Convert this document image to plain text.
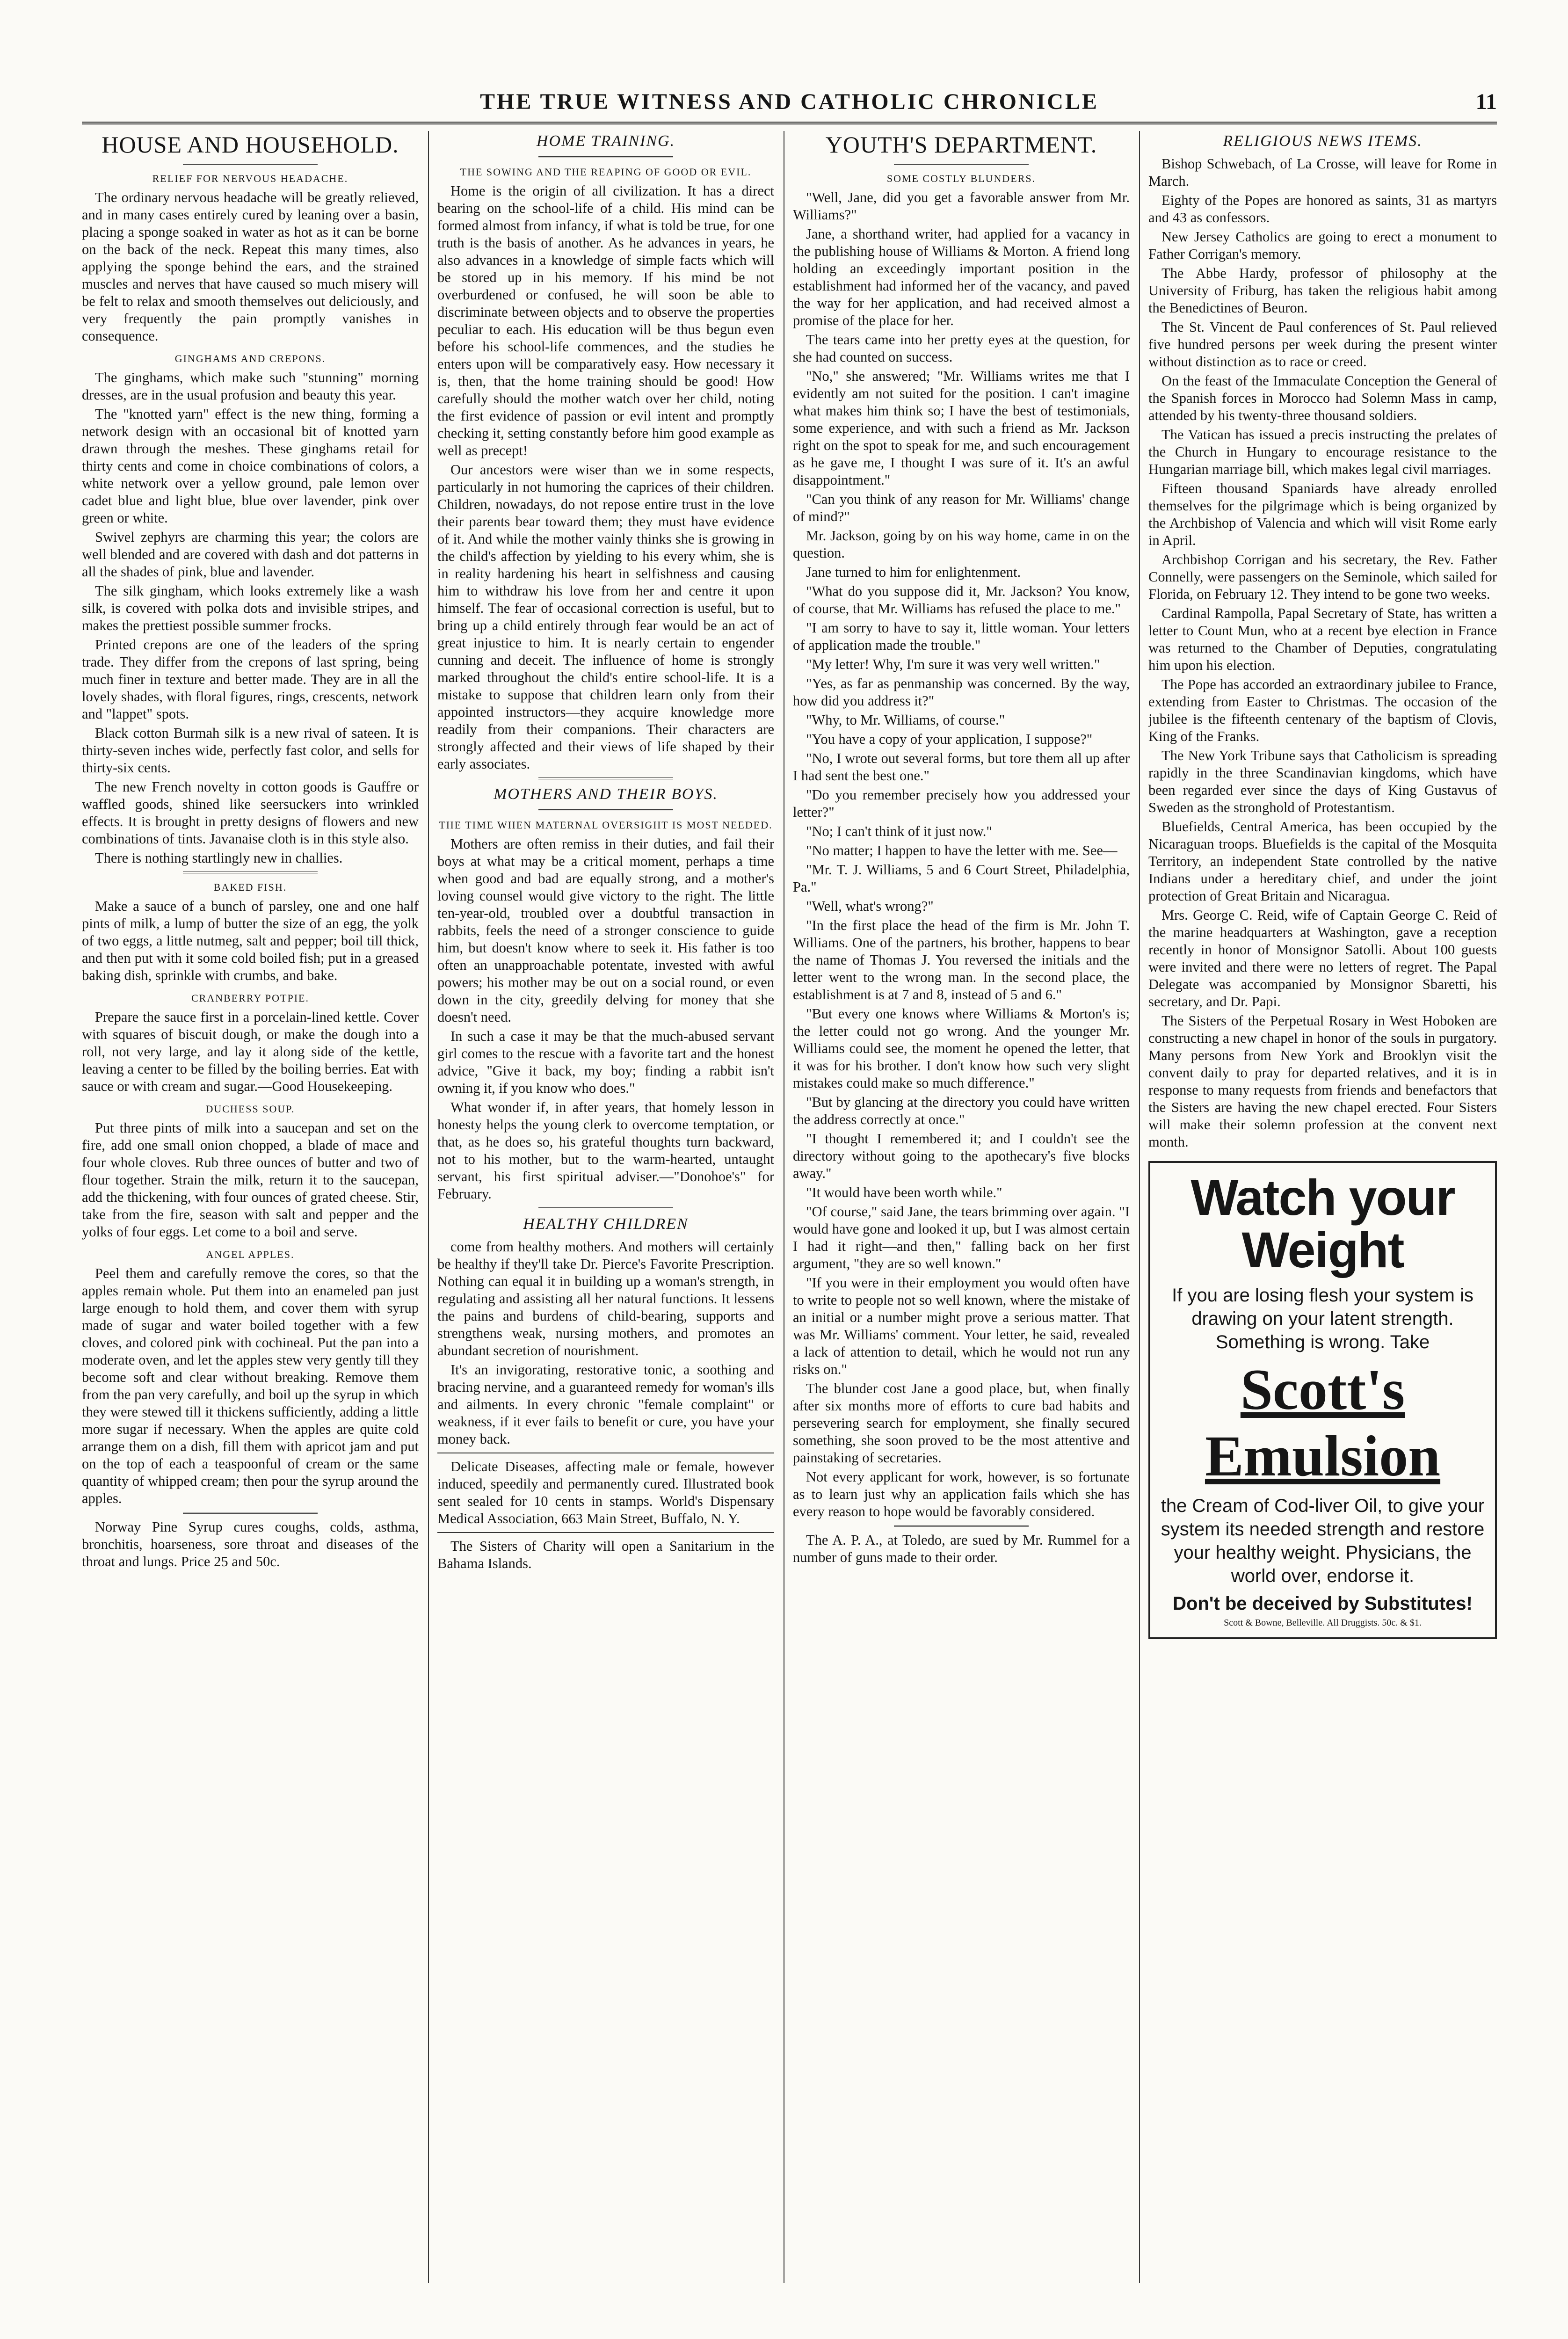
THE TRUE WITNESS AND CATHOLIC CHRONICLE	11
HOUSE AND HOUSEHOLD.
RELIEF FOR NERVOUS HEADACHE.

The ordinary nervous headache will be greatly relieved, and in many cases entirely cured by leaning over a basin, placing a sponge soaked in water as hot as it can be borne on the back of the neck. Repeat this many times, also applying the sponge behind the ears, and the strained muscles and nerves that have caused so much misery will be felt to relax and smooth themselves out deliciously, and very frequently the pain promptly vanishes in consequence.

GINGHAMS AND CREPONS.

The ginghams, which make such "stunning" morning dresses, are in the usual profusion and beauty this year.

The "knotted yarn" effect is the new thing, forming a network design with an occasional bit of knotted yarn drawn through the meshes. These ginghams retail for thirty cents and come in choice combinations of colors, a white network over a yellow ground, pale lemon over cadet blue and light blue, blue over lavender, pink over green or white.

Swivel zephyrs are charming this year; the colors are well blended and are covered with dash and dot patterns in all the shades of pink, blue and lavender.

The silk gingham, which looks extremely like a wash silk, is covered with polka dots and invisible stripes, and makes the prettiest possible summer frocks.

Printed crepons are one of the leaders of the spring trade. They differ from the crepons of last spring, being much finer in texture and better made. They are in all the lovely shades, with floral figures, rings, crescents, network and "lappet" spots.

Black cotton Burmah silk is a new rival of sateen. It is thirty-seven inches wide, perfectly fast color, and sells for thirty-six cents.

The new French novelty in cotton goods is Gauffre or waffled goods, shined like seersuckers into wrinkled effects. It is brought in pretty designs of flowers and new combinations of tints. Javanaise cloth is in this style also.

There is nothing startlingly new in challies.

BAKED FISH.

Make a sauce of a bunch of parsley, one and one half pints of milk, a lump of butter the size of an egg, the yolk of two eggs, a little nutmeg, salt and pepper; boil till thick, and then put with it some cold boiled fish; put in a greased baking dish, sprinkle with crumbs, and bake.

CRANBERRY POTPIE.

Prepare the sauce first in a porcelain-lined kettle. Cover with squares of biscuit dough, or make the dough into a roll, not very large, and lay it along side of the kettle, leaving a center to be filled by the boiling berries. Eat with sauce or with cream and sugar.—Good Housekeeping.

DUCHESS SOUP.

Put three pints of milk into a saucepan and set on the fire, add one small onion chopped, a blade of mace and four whole cloves. Rub three ounces of butter and two of flour together. Strain the milk, return it to the saucepan, add the thickening, with four ounces of grated cheese. Stir, take from the fire, season with salt and pepper and the yolks of four eggs. Let come to a boil and serve.

ANGEL APPLES.

Peel them and carefully remove the cores, so that the apples remain whole. Put them into an enameled pan just large enough to hold them, and cover them with syrup made of sugar and water boiled together with a few cloves, and colored pink with cochineal. Put the pan into a moderate oven, and let the apples stew very gently till they become soft and clear without breaking. Remove them from the pan very carefully, and boil up the syrup in which they were stewed till it thickens sufficiently, adding a little more sugar if necessary. When the apples are quite cold arrange them on a dish, fill them with apricot jam and put on the top of each a teaspoonful of cream or the same quantity of whipped cream; then pour the syrup around the apples.

Norway Pine Syrup cures coughs, colds, asthma, bronchitis, hoarseness, sore throat and diseases of the throat and lungs. Price 25 and 50c.

HOME TRAINING.
THE SOWING AND THE REAPING OF GOOD OR EVIL.

Home is the origin of all civilization. It has a direct bearing on the school-life of a child. His mind can be formed almost from infancy, if what is told be true, for one truth is the basis of another. As he advances in years, he also advances in a knowledge of simple facts which will be stored up in his memory. If his mind be not overburdened or confused, he will soon be able to discriminate between objects and to observe the properties peculiar to each. His education will be thus begun even before his school-life commences, and the studies he enters upon will be comparatively easy. How necessary it is, then, that the home training should be good! How carefully should the mother watch over her child, noting the first evidence of passion or evil intent and promptly checking it, setting constantly before him good example as well as precept!

Our ancestors were wiser than we in some respects, particularly in not humoring the caprices of their children. Children, nowadays, do not repose entire trust in the love their parents bear toward them; they must have evidence of it. And while the mother vainly thinks she is growing in the child's affection by yielding to his every whim, she is in reality hardening his heart in selfishness and causing him to withdraw his love from her and centre it upon himself. The fear of occasional correction is useful, but to bring up a child entirely through fear would be an act of great injustice to him. It is nearly certain to engender cunning and deceit. The influence of home is strongly marked throughout the child's entire school-life. It is a mistake to suppose that children learn only from their appointed instructors—they acquire knowledge more readily from their companions. Their characters are strongly affected and their views of life shaped by their early associates.

MOTHERS AND THEIR BOYS.
THE TIME WHEN MATERNAL OVERSIGHT IS MOST NEEDED.

Mothers are often remiss in their duties, and fail their boys at what may be a critical moment, perhaps a time when good and bad are equally strong, and a mother's loving counsel would give victory to the right. The little ten-year-old, troubled over a doubtful transaction in rabbits, feels the need of a stronger conscience to guide him, but doesn't know where to seek it. His father is too often an unapproachable potentate, invested with awful powers; his mother may be out on a social round, or even down in the city, greedily delving for money that she doesn't need.

In such a case it may be that the much-abused servant girl comes to the rescue with a favorite tart and the honest advice, "Give it back, my boy; finding a rabbit isn't owning it, if you know who does."

What wonder if, in after years, that homely lesson in honesty helps the young clerk to overcome temptation, or that, as he does so, his grateful thoughts turn backward, not to his mother, but to the warm-hearted, untaught servant, his first spiritual adviser.—"Donohoe's" for February.

HEALTHY CHILDREN

come from healthy mothers. And mothers will certainly be healthy if they'll take Dr. Pierce's Favorite Prescription. Nothing can equal it in building up a woman's strength, in regulating and assisting all her natural functions. It lessens the pains and burdens of child-bearing, supports and strengthens weak, nursing mothers, and promotes an abundant secretion of nourishment.

It's an invigorating, restorative tonic, a soothing and bracing nervine, and a guaranteed remedy for woman's ills and ailments. In every chronic "female complaint" or weakness, if it ever fails to benefit or cure, you have your money back.

Delicate Diseases, affecting male or female, however induced, speedily and permanently cured. Illustrated book sent sealed for 10 cents in stamps. World's Dispensary Medical Association, 663 Main Street, Buffalo, N. Y.

The Sisters of Charity will open a Sanitarium in the Bahama Islands.

YOUTH'S DEPARTMENT.
SOME COSTLY BLUNDERS.

"Well, Jane, did you get a favorable answer from Mr. Williams?"

Jane, a shorthand writer, had applied for a vacancy in the publishing house of Williams & Morton. A friend long holding an exceedingly important position in the establishment had informed her of the vacancy, and paved the way for her application, and had received almost a promise of the place for her.

The tears came into her pretty eyes at the question, for she had counted on success.

"No," she answered; "Mr. Williams writes me that I evidently am not suited for the position. I can't imagine what makes him think so; I have the best of testimonials, some experience, and with such a friend as Mr. Jackson right on the spot to speak for me, and such encouragement as he gave me, I thought I was sure of it. It's an awful disappointment."

"Can you think of any reason for Mr. Williams' change of mind?"

Mr. Jackson, going by on his way home, came in on the question.

Jane turned to him for enlightenment.

"What do you suppose did it, Mr. Jackson? You know, of course, that Mr. Williams has refused the place to me."

"I am sorry to have to say it, little woman. Your letters of application made the trouble."

"My letter! Why, I'm sure it was very well written."

"Yes, as far as penmanship was concerned. By the way, how did you address it?"

"Why, to Mr. Williams, of course."

"You have a copy of your application, I suppose?"

"No, I wrote out several forms, but tore them all up after I had sent the best one."

"Do you remember precisely how you addressed your letter?"

"No; I can't think of it just now."

"No matter; I happen to have the letter with me. See—

"Mr. T. J. Williams, 5 and 6 Court Street, Philadelphia, Pa."

"Well, what's wrong?"

"In the first place the head of the firm is Mr. John T. Williams. One of the partners, his brother, happens to bear the name of Thomas J. You reversed the initials and the letter went to the wrong man. In the second place, the establishment is at 7 and 8, instead of 5 and 6."

"But every one knows where Williams & Morton's is; the letter could not go wrong. And the younger Mr. Williams could see, the moment he opened the letter, that it was for his brother. I don't know how such very slight mistakes could make so much difference."

"But by glancing at the directory you could have written the address correctly at once."

"I thought I remembered it; and I couldn't see the directory without going to the apothecary's five blocks away."

"It would have been worth while."

"Of course," said Jane, the tears brimming over again. "I would have gone and looked it up, but I was almost certain I had it right—and then," falling back on her first argument, "they are so well known."

"If you were in their employment you would often have to write to people not so well known, where the mistake of an initial or a number might prove a serious matter. That was Mr. Williams' comment. Your letter, he said, revealed a lack of attention to detail, which he would not run any risks on."

The blunder cost Jane a good place, but, when finally after six months more of efforts to cure bad habits and persevering search for employment, she finally secured something, she soon proved to be the most attentive and painstaking of secretaries.

Not every applicant for work, however, is so fortunate as to learn just why an application fails which she has every reason to hope would be favorably considered.

The A. P. A., at Toledo, are sued by Mr. Rummel for a number of guns made to their order.

RELIGIOUS NEWS ITEMS.

Bishop Schwebach, of La Crosse, will leave for Rome in March.

Eighty of the Popes are honored as saints, 31 as martyrs and 43 as confessors.

New Jersey Catholics are going to erect a monument to Father Corrigan's memory.

The Abbe Hardy, professor of philosophy at the University of Friburg, has taken the religious habit among the Benedictines of Beuron.

The St. Vincent de Paul conferences of St. Paul relieved five hundred persons per week during the present winter without distinction as to race or creed.

On the feast of the Immaculate Conception the General of the Spanish forces in Morocco had Solemn Mass in camp, attended by his twenty-three thousand soldiers.

The Vatican has issued a precis instructing the prelates of the Church in Hungary to encourage resistance to the Hungarian marriage bill, which makes legal civil marriages.

Fifteen thousand Spaniards have already enrolled themselves for the pilgrimage which is being organized by the Archbishop of Valencia and which will visit Rome early in April.

Archbishop Corrigan and his secretary, the Rev. Father Connelly, were passengers on the Seminole, which sailed for Florida, on February 12. They intend to be gone two weeks.

Cardinal Rampolla, Papal Secretary of State, has written a letter to Count Mun, who at a recent bye election in France was returned to the Chamber of Deputies, congratulating him upon his election.

The Pope has accorded an extraordinary jubilee to France, extending from Easter to Christmas. The occasion of the jubilee is the fifteenth centenary of the baptism of Clovis, King of the Franks.

The New York Tribune says that Catholicism is spreading rapidly in the three Scandinavian kingdoms, which have been regarded ever since the days of King Gustavus of Sweden as the stronghold of Protestantism.

Bluefields, Central America, has been occupied by the Nicaraguan troops. Bluefields is the capital of the Mosquita Territory, an independent State controlled by the native Indians under a hereditary chief, and under the joint protection of Great Britain and Nicaragua.

Mrs. George C. Reid, wife of Captain George C. Reid of the marine headquarters at Washington, gave a reception recently in honor of Monsignor Satolli. About 100 guests were invited and there were no letters of regret. The Papal Delegate was accompanied by Monsignor Sbaretti, his secretary, and Dr. Papi.

The Sisters of the Perpetual Rosary in West Hoboken are constructing a new chapel in honor of the souls in purgatory. Many persons from New York and Brooklyn visit the convent daily to pray for departed relatives, and it is in response to many requests from friends and benefactors that the Sisters are having the new chapel erected. Four Sisters will make their solemn profession at the convent next month.

Watch your Weight
If you are losing flesh your system is drawing on your latent strength. Something is wrong. Take
Scott's
Emulsion
the Cream of Cod-liver Oil, to give your system its needed strength and restore your healthy weight. Physicians, the world over, endorse it.
Don't be deceived by Substitutes!
Scott & Bowne, Belleville. All Druggists. 50c. & $1.
